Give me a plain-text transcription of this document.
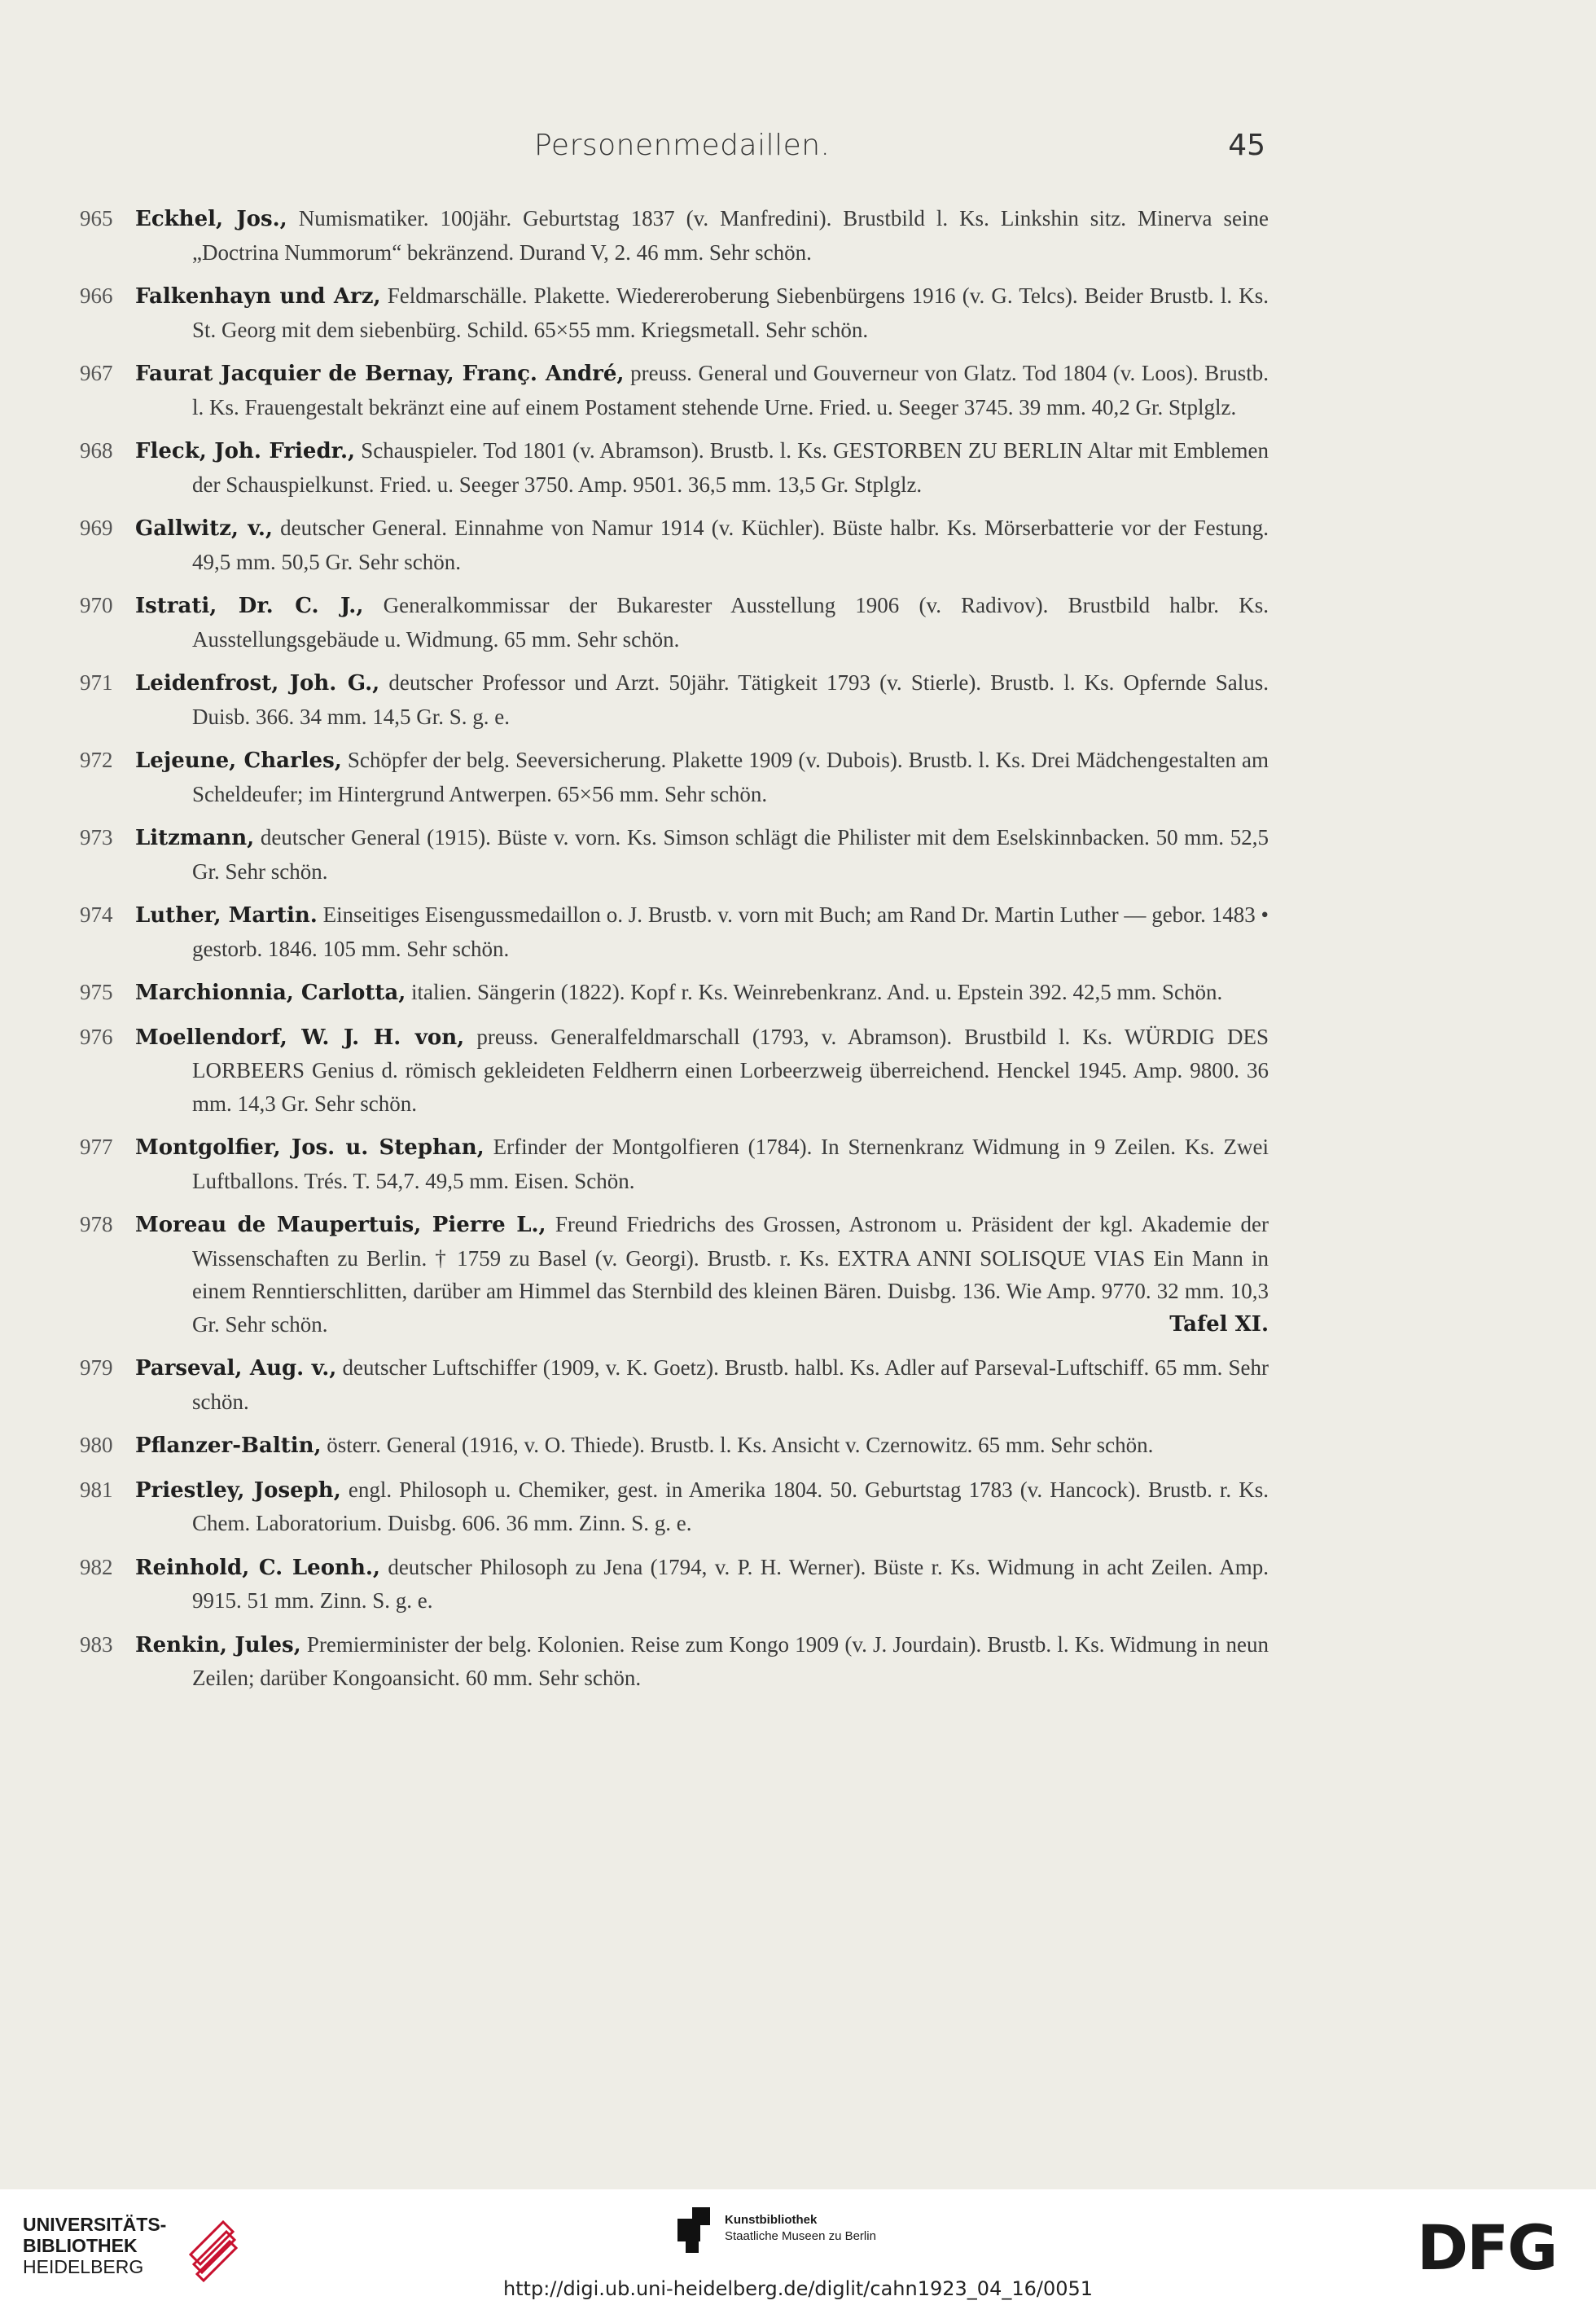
Personenmedaillen.	45
965	Eckhel, Jos., Numismatiker. 100jähr. Geburtstag 1837 (v. Manfredini). Brustbild l. Ks. Linkshin sitz. Minerva seine „Doctrina Nummorum“ bekränzend. Durand V, 2. 46 mm. Sehr schön.
966	Falkenhayn und Arz, Feldmarschälle. Plakette. Wiedereroberung Siebenbürgens 1916 (v. G. Telcs). Beider Brustb. l. Ks. St. Georg mit dem siebenbürg. Schild. 65×55 mm. Kriegsmetall. Sehr schön.
967	Faurat Jacquier de Bernay, Franç. André, preuss. General und Gouverneur von Glatz. Tod 1804 (v. Loos). Brustb. l. Ks. Frauengestalt bekränzt eine auf einem Postament stehende Urne. Fried. u. Seeger 3745. 39 mm. 40,2 Gr. Stplglz.
968	Fleck, Joh. Friedr., Schauspieler. Tod 1801 (v. Abramson). Brustb. l. Ks. GESTORBEN ZU BERLIN Altar mit Emblemen der Schauspielkunst. Fried. u. Seeger 3750. Amp. 9501. 36,5 mm. 13,5 Gr. Stplglz.
969	Gallwitz, v., deutscher General. Einnahme von Namur 1914 (v. Küchler). Büste halbr. Ks. Mörserbatterie vor der Festung. 49,5 mm. 50,5 Gr. Sehr schön.
970	Istrati, Dr. C. J., Generalkommissar der Bukarester Ausstellung 1906 (v. Radivov). Brustbild halbr. Ks. Ausstellungsgebäude u. Widmung. 65 mm. Sehr schön.
971	Leidenfrost, Joh. G., deutscher Professor und Arzt. 50jähr. Tätigkeit 1793 (v. Stierle). Brustb. l. Ks. Opfernde Salus. Duisb. 366. 34 mm. 14,5 Gr. S. g. e.
972	Lejeune, Charles, Schöpfer der belg. Seeversicherung. Plakette 1909 (v. Dubois). Brustb. l. Ks. Drei Mädchengestalten am Scheldeufer; im Hintergrund Antwerpen. 65×56 mm. Sehr schön.
973	Litzmann, deutscher General (1915). Büste v. vorn. Ks. Simson schlägt die Philister mit dem Eselskinnbacken. 50 mm. 52,5 Gr. Sehr schön.
974	Luther, Martin. Einseitiges Eisengussmedaillon o. J. Brustb. v. vorn mit Buch; am Rand Dr. Martin Luther — gebor. 1483 • gestorb. 1846. 105 mm. Sehr schön.
975	Marchionnia, Carlotta, italien. Sängerin (1822). Kopf r. Ks. Weinrebenkranz. And. u. Epstein 392. 42,5 mm. Schön.
976	Moellendorf, W. J. H. von, preuss. Generalfeldmarschall (1793, v. Abramson). Brustbild l. Ks. WÜRDIG DES LORBEERS Genius d. römisch gekleideten Feldherrn einen Lorbeerzweig überreichend. Henckel 1945. Amp. 9800. 36 mm. 14,3 Gr. Sehr schön.
977	Montgolfier, Jos. u. Stephan, Erfinder der Montgolfieren (1784). In Sternenkranz Widmung in 9 Zeilen. Ks. Zwei Luftballons. Trés. T. 54,7. 49,5 mm. Eisen. Schön.
978	Moreau de Maupertuis, Pierre L., Freund Friedrichs des Grossen, Astronom u. Präsident der kgl. Akademie der Wissenschaften zu Berlin. † 1759 zu Basel (v. Georgi). Brustb. r. Ks. EXTRA ANNI SOLISQUE VIAS Ein Mann in einem Renntierschlitten, darüber am Himmel das Sternbild des kleinen Bären. Duisbg. 136. Wie Amp. 9770. 32 mm. 10,3 Gr. Sehr schön.	Tafel XI.
979	Parseval, Aug. v., deutscher Luftschiffer (1909, v. K. Goetz). Brustb. halbl. Ks. Adler auf Parseval-Luftschiff. 65 mm. Sehr schön.
980	Pflanzer-Baltin, österr. General (1916, v. O. Thiede). Brustb. l. Ks. Ansicht v. Czernowitz. 65 mm. Sehr schön.
981	Priestley, Joseph, engl. Philosoph u. Chemiker, gest. in Amerika 1804. 50. Geburtstag 1783 (v. Hancock). Brustb. r. Ks. Chem. Laboratorium. Duisbg. 606. 36 mm. Zinn. S. g. e.
982	Reinhold, C. Leonh., deutscher Philosoph zu Jena (1794, v. P. H. Werner). Büste r. Ks. Widmung in acht Zeilen. Amp. 9915. 51 mm. Zinn. S. g. e.
983	Renkin, Jules, Premierminister der belg. Kolonien. Reise zum Kongo 1909 (v. J. Jourdain). Brustb. l. Ks. Widmung in neun Zeilen; darüber Kongoansicht. 60 mm. Sehr schön.
UNIVERSITÄTS-
BIBLIOTHEK
HEIDELBERG
Kunstbibliothek
Staatliche Museen zu Berlin	DFG
http://digi.ub.uni-heidelberg.de/diglit/cahn1923_04_16/0051
